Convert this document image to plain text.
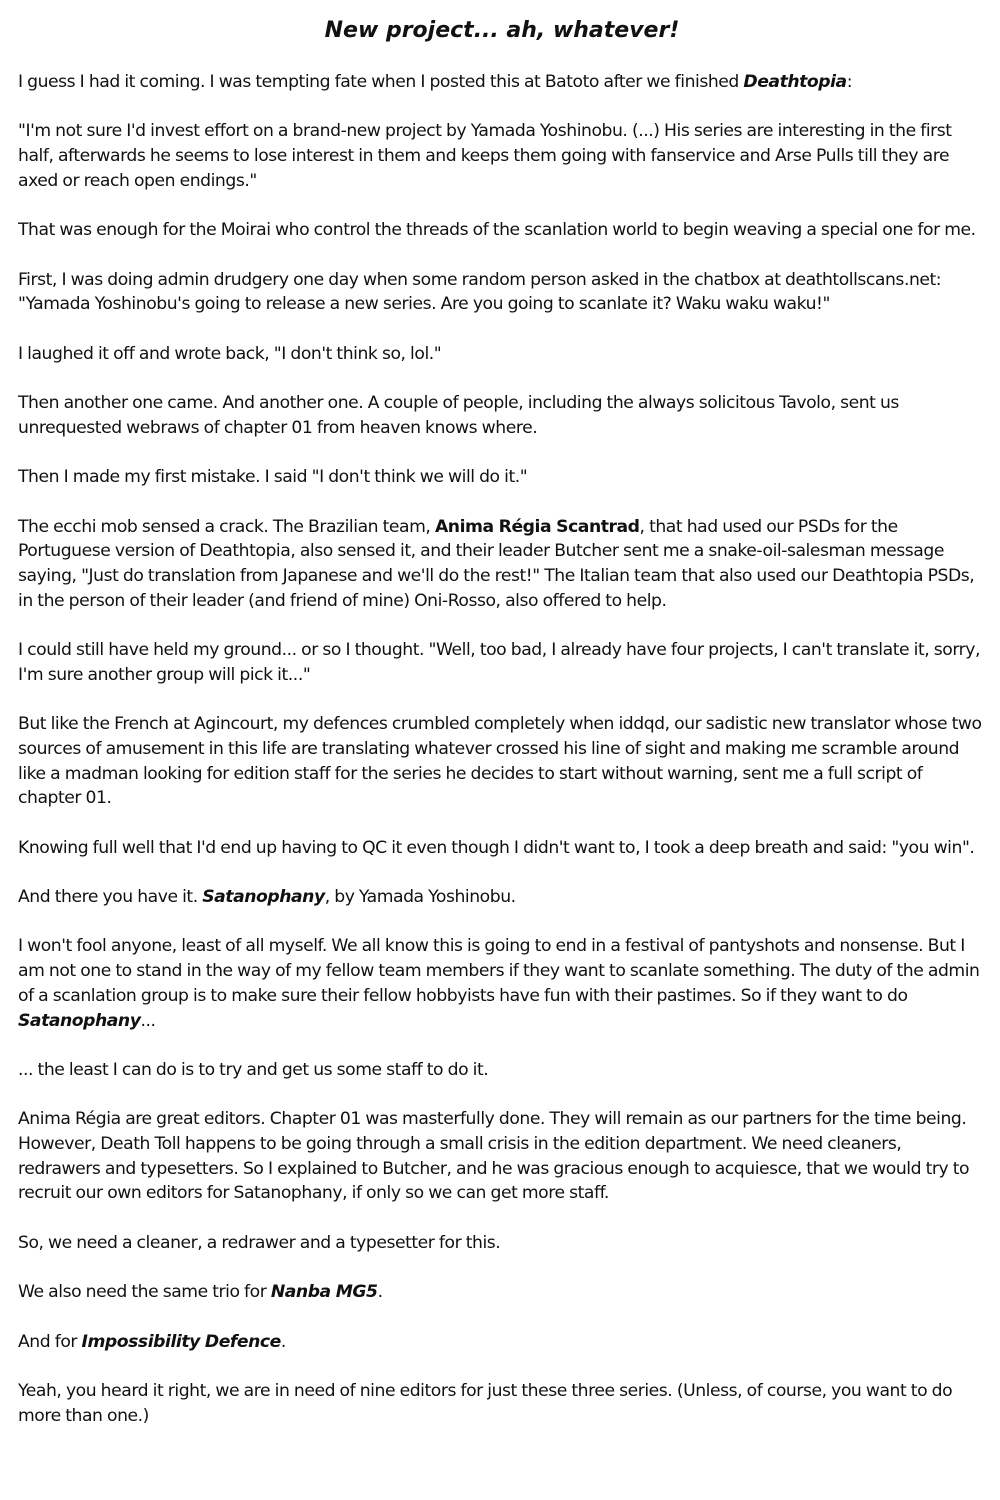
New project... ah, whatever!

I guess I had it coming. I was tempting fate when I posted this at Batoto after we finished Deathtopia:

"I'm not sure I'd invest effort on a brand-new project by Yamada Yoshinobu. (...) His series are interesting in the first half, afterwards he seems to lose interest in them and keeps them going with fanservice and Arse Pulls till they are axed or reach open endings."

That was enough for the Moirai who control the threads of the scanlation world to begin weaving a special one for me.

First, I was doing admin drudgery one day when some random person asked in the chatbox at deathtollscans.net: "Yamada Yoshinobu's going to release a new series. Are you going to scanlate it? Waku waku waku!"

I laughed it off and wrote back, "I don't think so, lol."

Then another one came. And another one. A couple of people, including the always solicitous Tavolo, sent us unrequested webraws of chapter 01 from heaven knows where.

Then I made my first mistake. I said "I don't think we will do it."

The ecchi mob sensed a crack. The Brazilian team, Anima Régia Scantrad, that had used our PSDs for the Portuguese version of Deathtopia, also sensed it, and their leader Butcher sent me a snake-oil-salesman message saying, "Just do translation from Japanese and we'll do the rest!" The Italian team that also used our Deathtopia PSDs, in the person of their leader (and friend of mine) Oni-Rosso, also offered to help.

I could still have held my ground... or so I thought. "Well, too bad, I already have four projects, I can't translate it, sorry, I'm sure another group will pick it..."

But like the French at Agincourt, my defences crumbled completely when iddqd, our sadistic new translator whose two sources of amusement in this life are translating whatever crossed his line of sight and making me scramble around like a madman looking for edition staff for the series he decides to start without warning, sent me a full script of chapter 01.

Knowing full well that I'd end up having to QC it even though I didn't want to, I took a deep breath and said: "you win".

And there you have it. Satanophany, by Yamada Yoshinobu.

I won't fool anyone, least of all myself. We all know this is going to end in a festival of pantyshots and nonsense. But I am not one to stand in the way of my fellow team members if they want to scanlate something. The duty of the admin of a scanlation group is to make sure their fellow hobbyists have fun with their pastimes. So if they want to do Satanophany...

... the least I can do is to try and get us some staff to do it.

Anima Régia are great editors. Chapter 01 was masterfully done. They will remain as our partners for the time being. However, Death Toll happens to be going through a small crisis in the edition department. We need cleaners, redrawers and typesetters. So I explained to Butcher, and he was gracious enough to acquiesce, that we would try to recruit our own editors for Satanophany, if only so we can get more staff.

So, we need a cleaner, a redrawer and a typesetter for this.

We also need the same trio for Nanba MG5.

And for Impossibility Defence.

Yeah, you heard it right, we are in need of nine editors for just these three series. (Unless, of course, you want to do more than one.)
